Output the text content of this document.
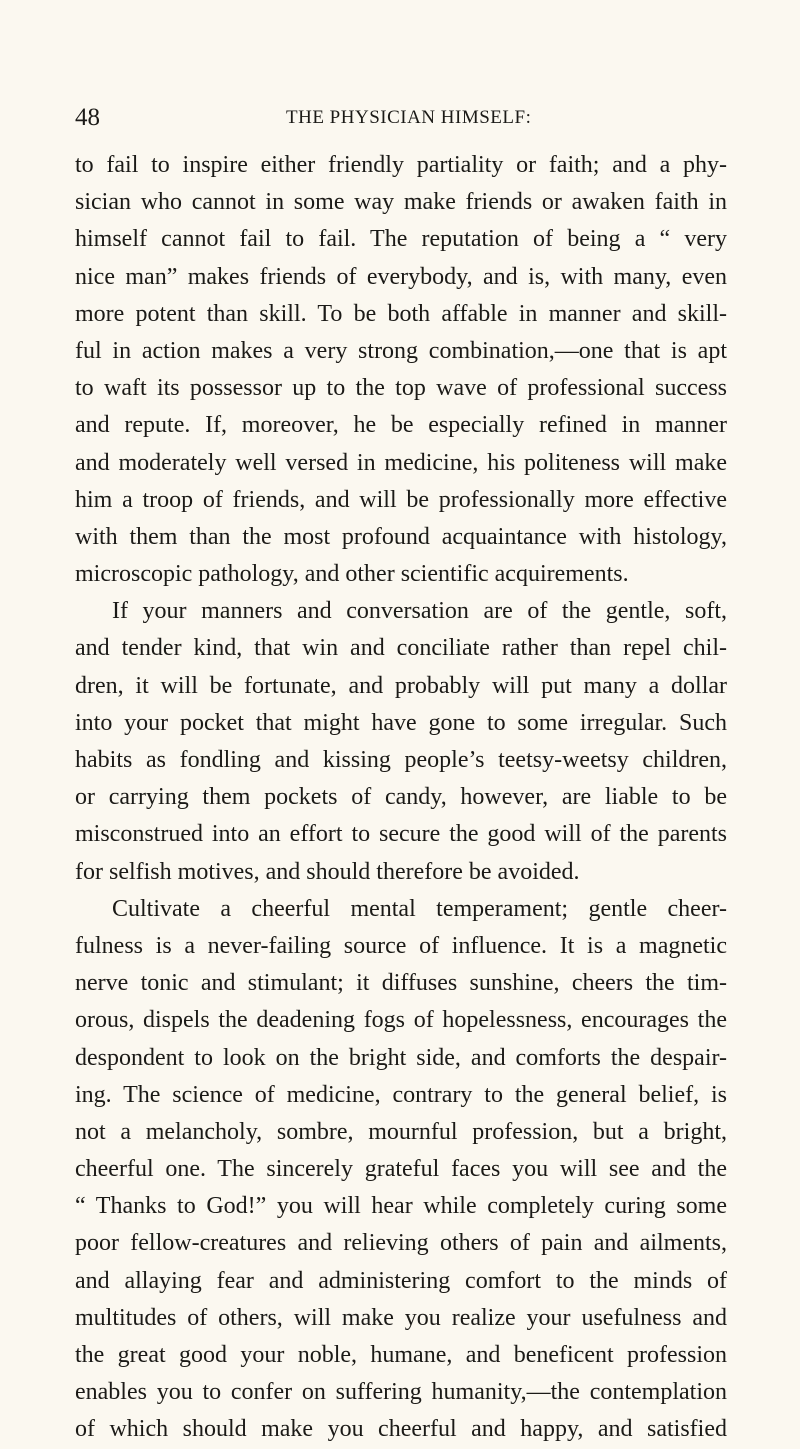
48	THE PHYSICIAN HIMSELF:
to fail to inspire either friendly partiality or faith; and a phy-
sician who cannot in some way make friends or awaken faith in
himself cannot fail to fail. The reputation of being a “ very
nice man” makes friends of everybody, and is, with many, even
more potent than skill. To be both affable in manner and skill-
ful in action makes a very strong combination,—one that is apt
to waft its possessor up to the top wave of professional success
and repute. If, moreover, he be especially refined in manner
and moderately well versed in medicine, his politeness will make
him a troop of friends, and will be professionally more effective
with them than the most profound acquaintance with histology,
microscopic pathology, and other scientific acquirements.
If your manners and conversation are of the gentle, soft,
and tender kind, that win and conciliate rather than repel chil-
dren, it will be fortunate, and probably will put many a dollar
into your pocket that might have gone to some irregular. Such
habits as fondling and kissing people’s teetsy-weetsy children,
or carrying them pockets of candy, however, are liable to be
misconstrued into an effort to secure the good will of the parents
for selfish motives, and should therefore be avoided.
Cultivate a cheerful mental temperament; gentle cheer-
fulness is a never-failing source of influence. It is a magnetic
nerve tonic and stimulant; it diffuses sunshine, cheers the tim-
orous, dispels the deadening fogs of hopelessness, encourages the
despondent to look on the bright side, and comforts the despair-
ing. The science of medicine, contrary to the general belief, is
not a melancholy, sombre, mournful profession, but a bright,
cheerful one. The sincerely grateful faces you will see and the
“ Thanks to God!” you will hear while completely curing some
poor fellow-creatures and relieving others of pain and ailments,
and allaying fear and administering comfort to the minds of
multitudes of others, will make you realize your usefulness and
the great good your noble, humane, and beneficent profession
enables you to confer on suffering humanity,—the contemplation
of which should make you cheerful and happy, and satisfied
